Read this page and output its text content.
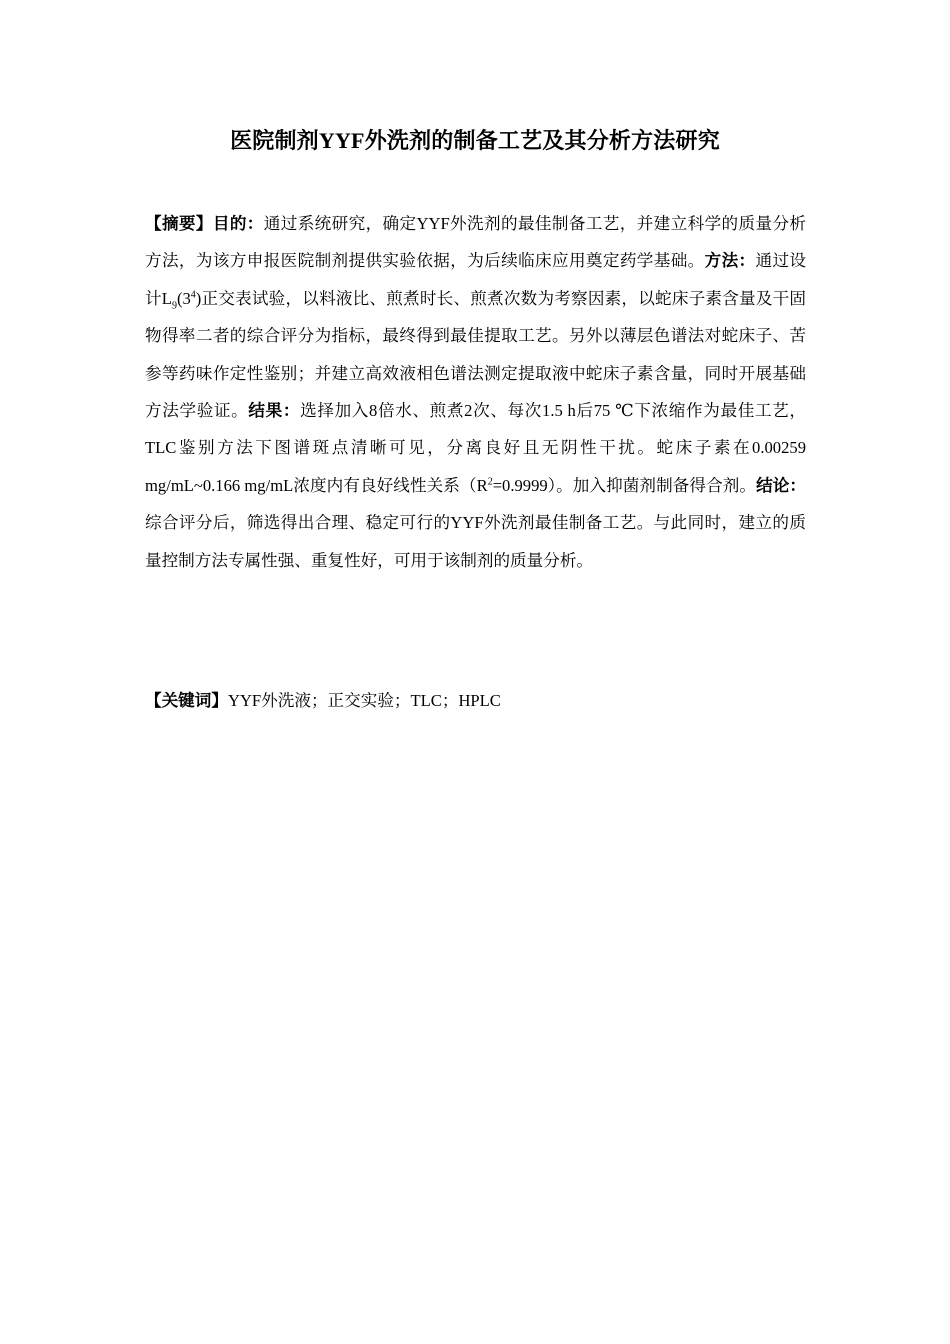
医院制剂YYF外洗剂的制备工艺及其分析方法研究
【摘要】目的：通过系统研究，确定YYF外洗剂的最佳制备工艺，并建立科学的质量分析方法，为该方申报医院制剂提供实验依据，为后续临床应用奠定药学基础。方法：通过设计$L_9(3^4)$正交表试验，以料液比、煎煮时长、煎煮次数为考察因素，以蛇床子素含量及干固物得率二者的综合评分为指标，最终得到最佳提取工艺。另外以薄层色谱法对蛇床子、苦参等药味作定性鉴别；并建立高效液相色谱法测定提取液中蛇床子素含量，同时开展基础方法学验证。结果：选择加入8倍水、煎煮2次、每次1.5 h后75 ℃下浓缩作为最佳工艺，TLC鉴别方法下图谱斑点清晰可见，分离良好且无阴性干扰。蛇床子素在0.00259 mg/mL~0.166 mg/mL浓度内有良好线性关系$(R^2=0.9999)$。加入抑菌剂制备得合剂。结论：综合评分后，筛选得出合理、稳定可行的YYF外洗剂最佳制备工艺。与此同时，建立的质量控制方法专属性强、重复性好，可用于该制剂的质量分析。
【关键词】YYF外洗液；正交实验；TLC；HPLC
